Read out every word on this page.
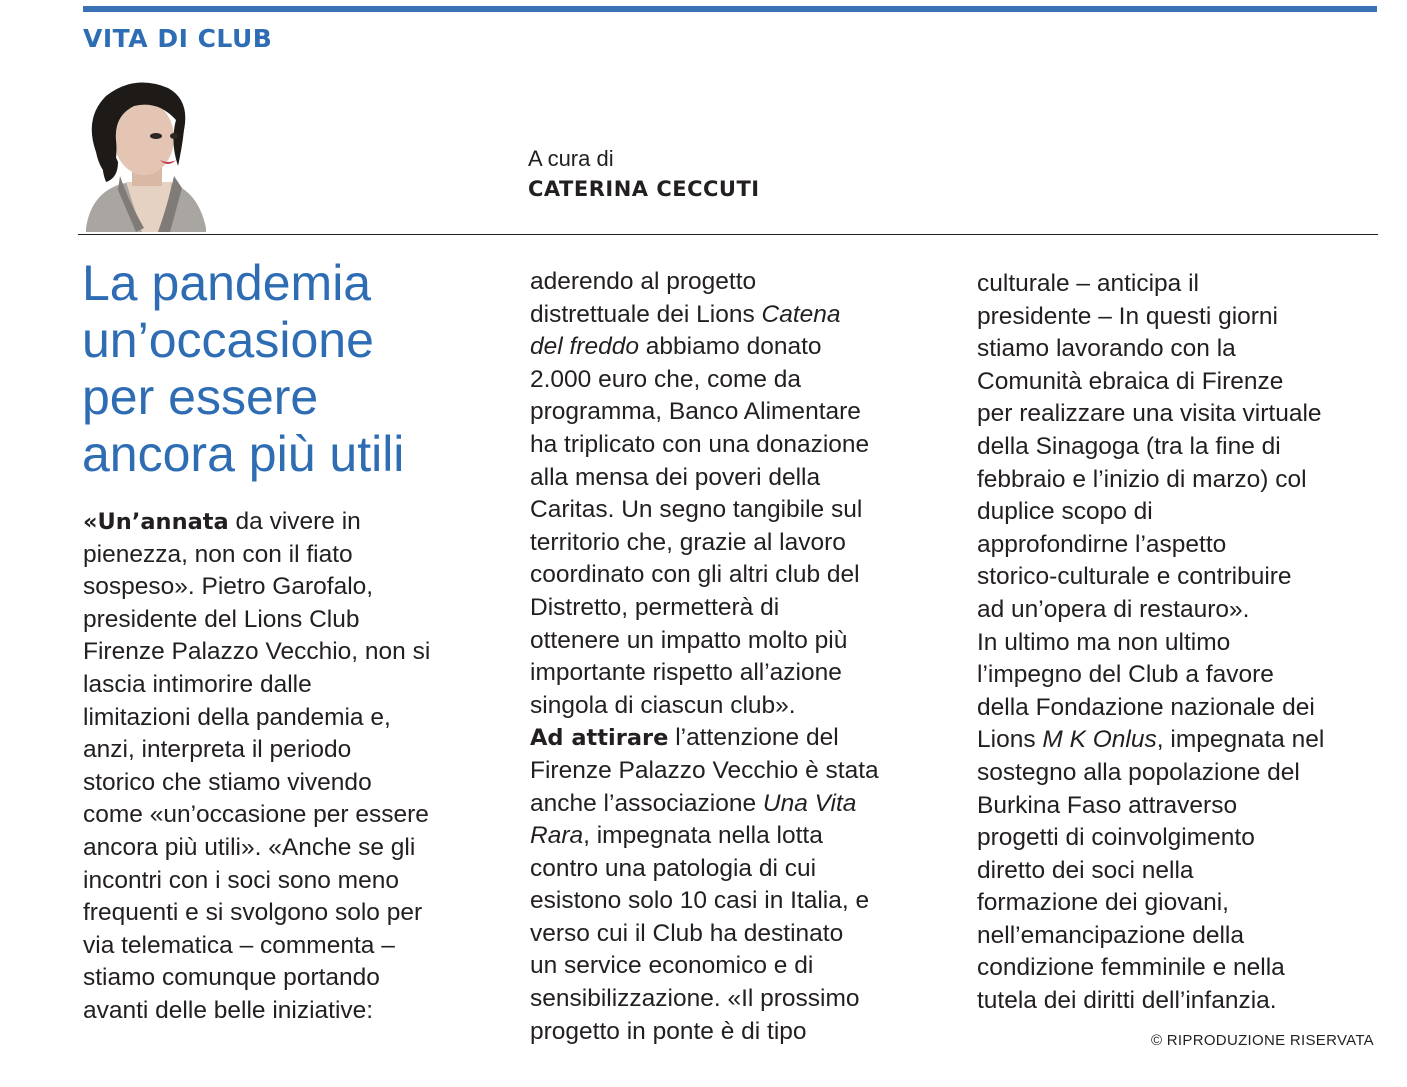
VITA DI CLUB
A cura di
CATERINA CECCUTI
La pandemia
un’occasione
per essere
ancora più utili
«Un’annata da vivere in
pienezza, non con il fiato
sospeso». Pietro Garofalo,
presidente del Lions Club
Firenze Palazzo Vecchio, non si
lascia intimorire dalle
limitazioni della pandemia e,
anzi, interpreta il periodo
storico che stiamo vivendo
come «un’occasione per essere
ancora più utili». «Anche se gli
incontri con i soci sono meno
frequenti e si svolgono solo per
via telematica – commenta –
stiamo comunque portando
avanti delle belle iniziative:
aderendo al progetto
distrettuale dei Lions Catena
del freddo abbiamo donato
2.000 euro che, come da
programma, Banco Alimentare
ha triplicato con una donazione
alla mensa dei poveri della
Caritas. Un segno tangibile sul
territorio che, grazie al lavoro
coordinato con gli altri club del
Distretto, permetterà di
ottenere un impatto molto più
importante rispetto all’azione
singola di ciascun club».
Ad attirare l’attenzione del
Firenze Palazzo Vecchio è stata
anche l’associazione Una Vita
Rara, impegnata nella lotta
contro una patologia di cui
esistono solo 10 casi in Italia, e
verso cui il Club ha destinato
un service economico e di
sensibilizzazione. «Il prossimo
progetto in ponte è di tipo
culturale – anticipa il
presidente – In questi giorni
stiamo lavorando con la
Comunità ebraica di Firenze
per realizzare una visita virtuale
della Sinagoga (tra la fine di
febbraio e l’inizio di marzo) col
duplice scopo di
approfondirne l’aspetto
storico-culturale e contribuire
ad un’opera di restauro».
In ultimo ma non ultimo
l’impegno del Club a favore
della Fondazione nazionale dei
Lions M K Onlus, impegnata nel
sostegno alla popolazione del
Burkina Faso attraverso
progetti di coinvolgimento
diretto dei soci nella
formazione dei giovani,
nell’emancipazione della
condizione femminile e nella
tutela dei diritti dell’infanzia.
© RIPRODUZIONE RISERVATA
